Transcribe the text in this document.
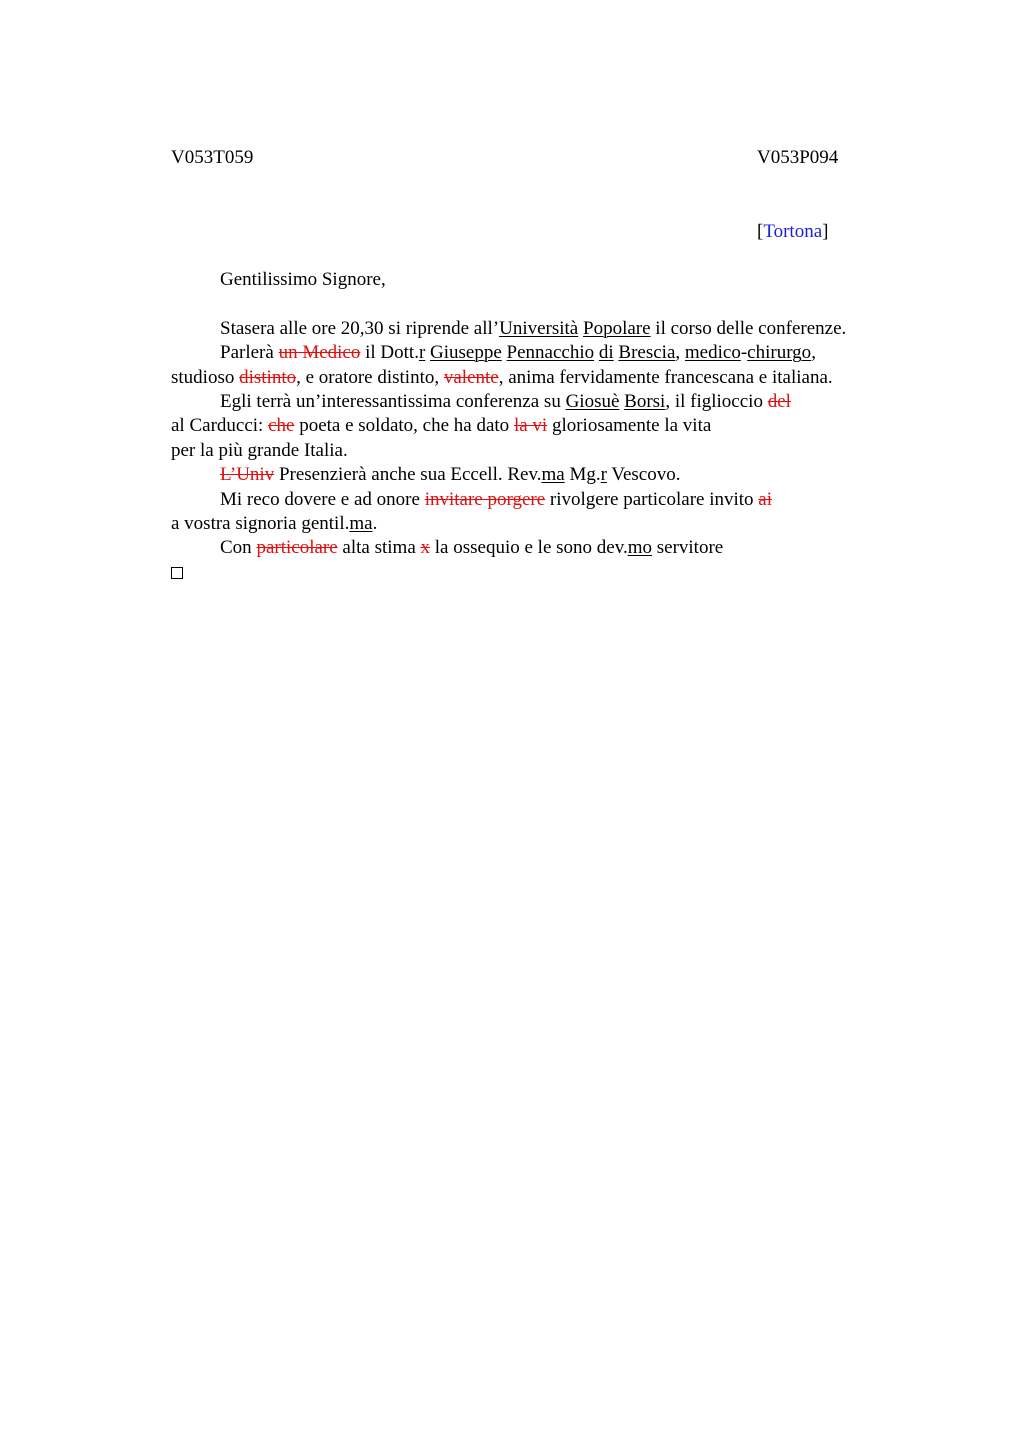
V053T059	V053P094
[Tortona]
Gentilissimo Signore,
Stasera alle ore 20,30 si riprende all’Università Popolare il corso delle conferenze.
Parlerà un Medico il Dott.r Giuseppe Pennacchio di Brescia, medico-chirurgo,
studioso distinto, e oratore distinto, valente, anima fervidamente francescana e italiana.
Egli terrà un’interessantissima conferenza su Giosuè Borsi, il figlioccio del
al Carducci: che poeta e soldato, che ha dato la vi gloriosamente la vita
per la più grande Italia.
L’Univ Presenzierà anche sua Eccell. Rev.ma Mg.r Vescovo.
Mi reco dovere e ad onore invitare porgere rivolgere particolare invito ai
a vostra signoria gentil.ma.
Con particolare alta stima x la ossequio e le sono dev.mo servitore
